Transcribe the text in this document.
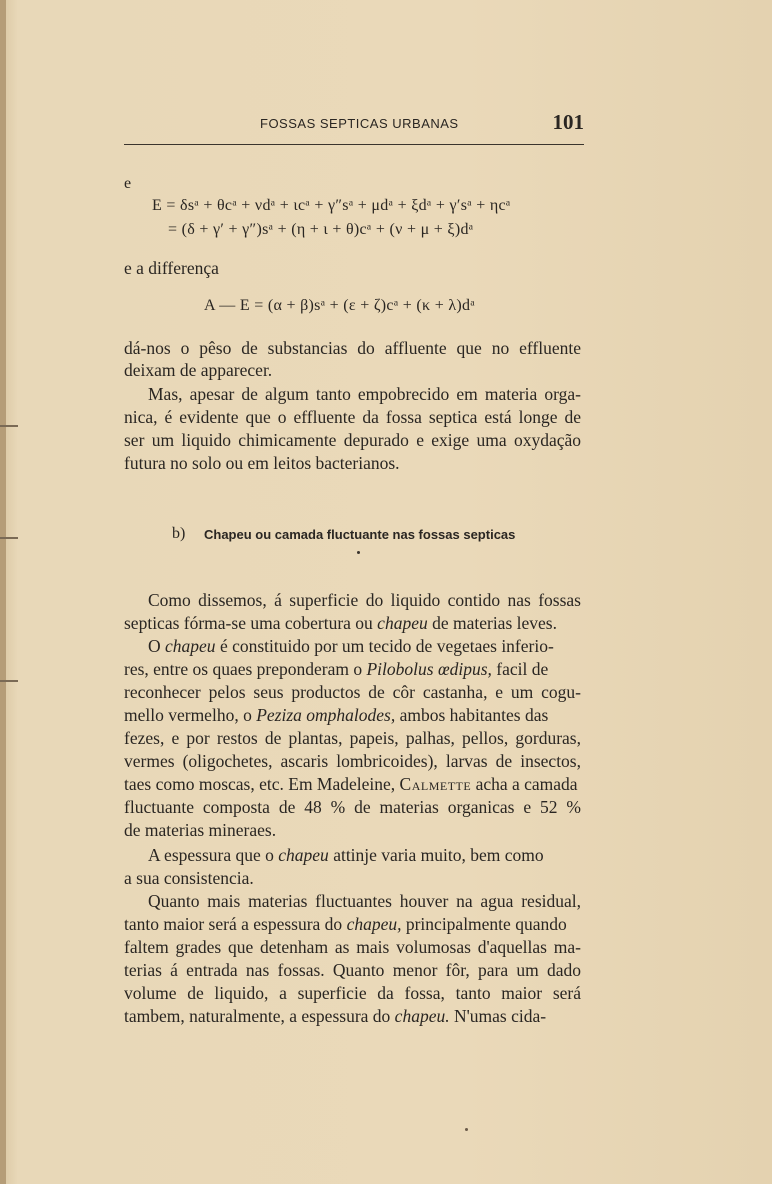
FOSSAS SEPTICAS URBANAS	101
e
E = δsᵃ + θcᵃ + νdᵃ + ιcᵃ + γ″sᵃ + μdᵃ + ξdᵃ + γ′sᵃ + ηcᵃ
= (δ + γ′ + γ″)sᵃ + (η + ι + θ)cᵃ + (ν + μ + ξ)dᵃ
e a differença
A — E = (α + β)sᵃ + (ε + ζ)cᵃ + (κ + λ)dᵃ
dá-nos o pêso de substancias do affluente que no effluente
deixam de apparecer.
Mas, apesar de algum tanto empobrecido em materia orga-
nica, é evidente que o effluente da fossa septica está longe de
ser um liquido chimicamente depurado e exige uma oxydação
futura no solo ou em leitos bacterianos.
b) Chapeu ou camada fluctuante nas fossas septicas
Como dissemos, á superficie do liquido contido nas fossas
septicas fórma-se uma cobertura ou chapeu de materias leves.
O chapeu é constituido por um tecido de vegetaes inferio-
res, entre os quaes preponderam o Pilobolus œdipus, facil de
reconhecer pelos seus productos de côr castanha, e um cogu-
mello vermelho, o Peziza omphalodes, ambos habitantes das
fezes, e por restos de plantas, papeis, palhas, pellos, gorduras,
vermes (oligochetes, ascaris lombricoides), larvas de insectos,
taes como moscas, etc. Em Madeleine, Calmette acha a camada
fluctuante composta de 48 % de materias organicas e 52 %
de materias mineraes.
A espessura que o chapeu attinje varia muito, bem como
a sua consistencia.
Quanto mais materias fluctuantes houver na agua residual,
tanto maior será a espessura do chapeu, principalmente quando
faltem grades que detenham as mais volumosas d'aquellas ma-
terias á entrada nas fossas. Quanto menor fôr, para um dado
volume de liquido, a superficie da fossa, tanto maior será
tambem, naturalmente, a espessura do chapeu. N'umas cida-
